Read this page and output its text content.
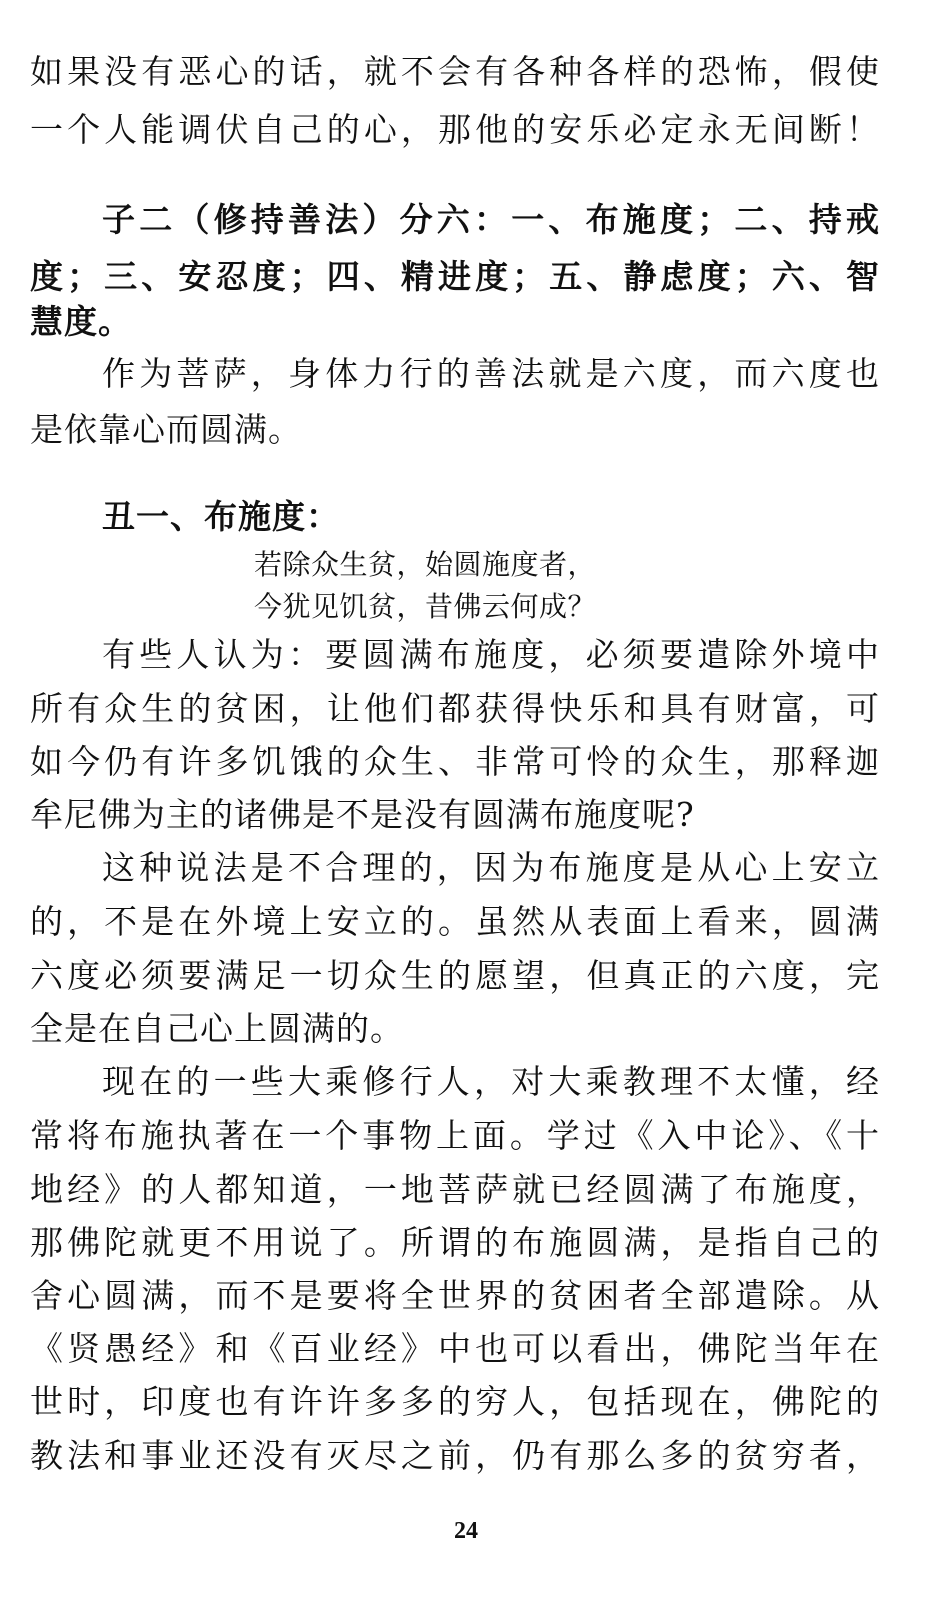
如果没有恶心的话，就不会有各种各样的恐怖，假使
一个人能调伏自己的心，那他的安乐必定永无间断！
子二（修持善法）分六：一、布施度；二、持戒
度；三、安忍度；四、精进度；五、静虑度；六、智
慧度。
作为菩萨，身体力行的善法就是六度，而六度也
是依靠心而圆满。
丑一、布施度：
若除众生贫，始圆施度者，
今犹见饥贫，昔佛云何成？
有些人认为：要圆满布施度，必须要遣除外境中
所有众生的贫困，让他们都获得快乐和具有财富，可
如今仍有许多饥饿的众生、非常可怜的众生，那释迦
牟尼佛为主的诸佛是不是没有圆满布施度呢?
这种说法是不合理的，因为布施度是从心上安立
的，不是在外境上安立的。虽然从表面上看来，圆满
六度必须要满足一切众生的愿望，但真正的六度，完
全是在自己心上圆满的。
现在的一些大乘修行人，对大乘教理不太懂，经
常将布施执著在一个事物上面。学过《入中论》、《十
地经》的人都知道，一地菩萨就已经圆满了布施度，
那佛陀就更不用说了。所谓的布施圆满，是指自己的
舍心圆满，而不是要将全世界的贫困者全部遣除。从
《贤愚经》和《百业经》中也可以看出，佛陀当年在
世时，印度也有许许多多的穷人，包括现在，佛陀的
教法和事业还没有灭尽之前，仍有那么多的贫穷者，
24
